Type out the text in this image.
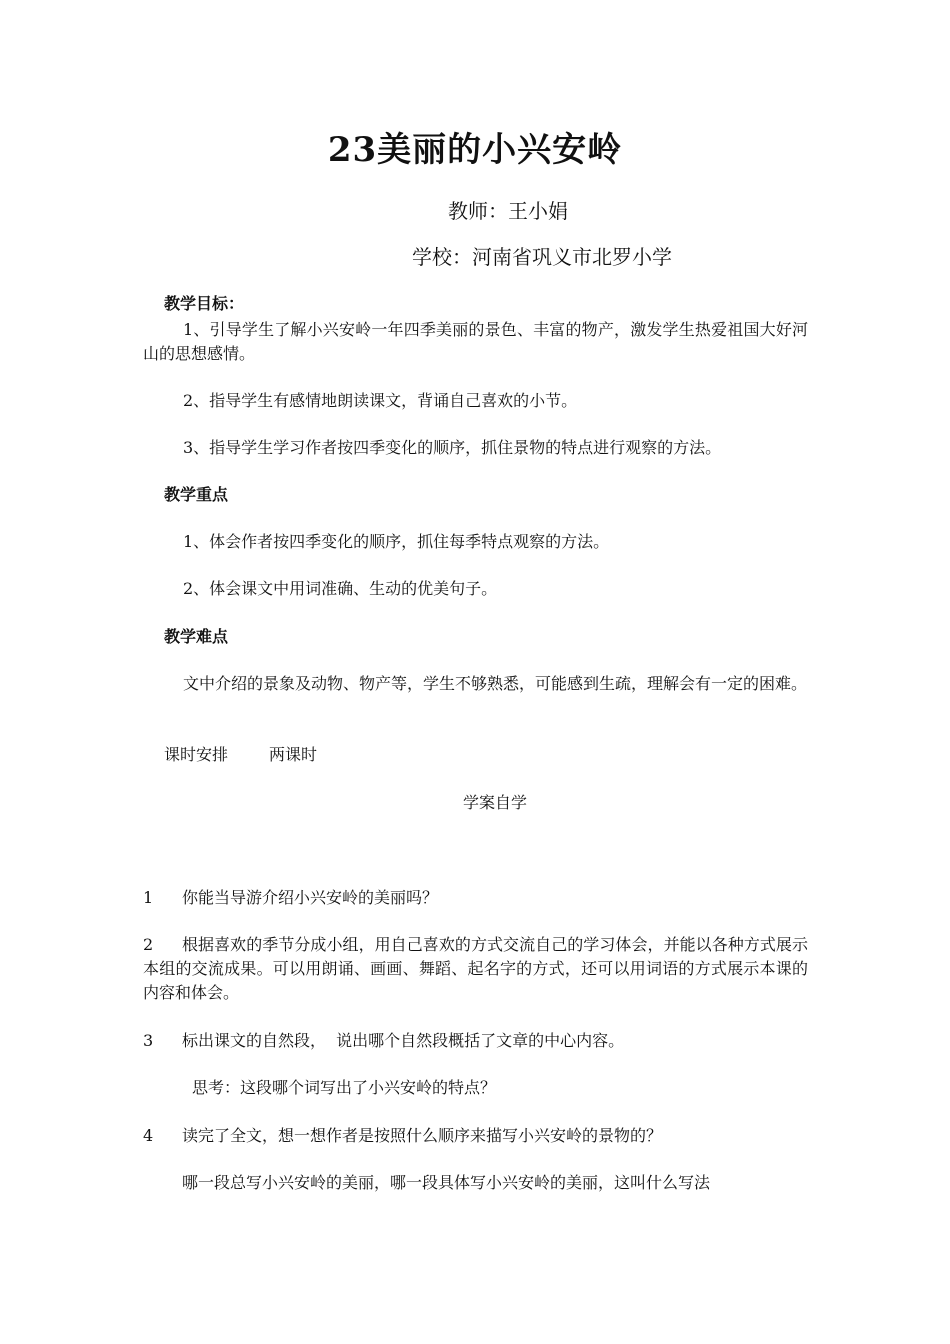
23美丽的小兴安岭
教师：王小娟
学校：河南省巩义市北罗小学
教学目标：

1、引导学生了解小兴安岭一年四季美丽的景色、丰富的物产，激发学生热爱祖国大好河山的思想感情。

2、指导学生有感情地朗读课文，背诵自己喜欢的小节。

3、指导学生学习作者按四季变化的顺序，抓住景物的特点进行观察的方法。

教学重点

1、体会作者按四季变化的顺序，抓住每季特点观察的方法。

2、体会课文中用词准确、生动的优美句子。

教学难点

文中介绍的景象及动物、物产等，学生不够熟悉，可能感到生疏，理解会有一定的困难。

课时安排	两课时
学案自学
1 你能当导游介绍小兴安岭的美丽吗？

2	根据喜欢的季节分成小组，用自己喜欢的方式交流自己的学习体会，并能以各种方式展示本组的交流成果。可以用朗诵、画画、舞蹈、起名字的方式，还可以用词语的方式展示本课的内容和体会。

3 标出课文的自然段，  说出哪个自然段概括了文章的中心内容。

思考：这段哪个词写出了小兴安岭的特点？

4 读完了全文，想一想作者是按照什么顺序来描写小兴安岭的景物的？

哪一段总写小兴安岭的美丽，哪一段具体写小兴安岭的美丽，这叫什么写法
